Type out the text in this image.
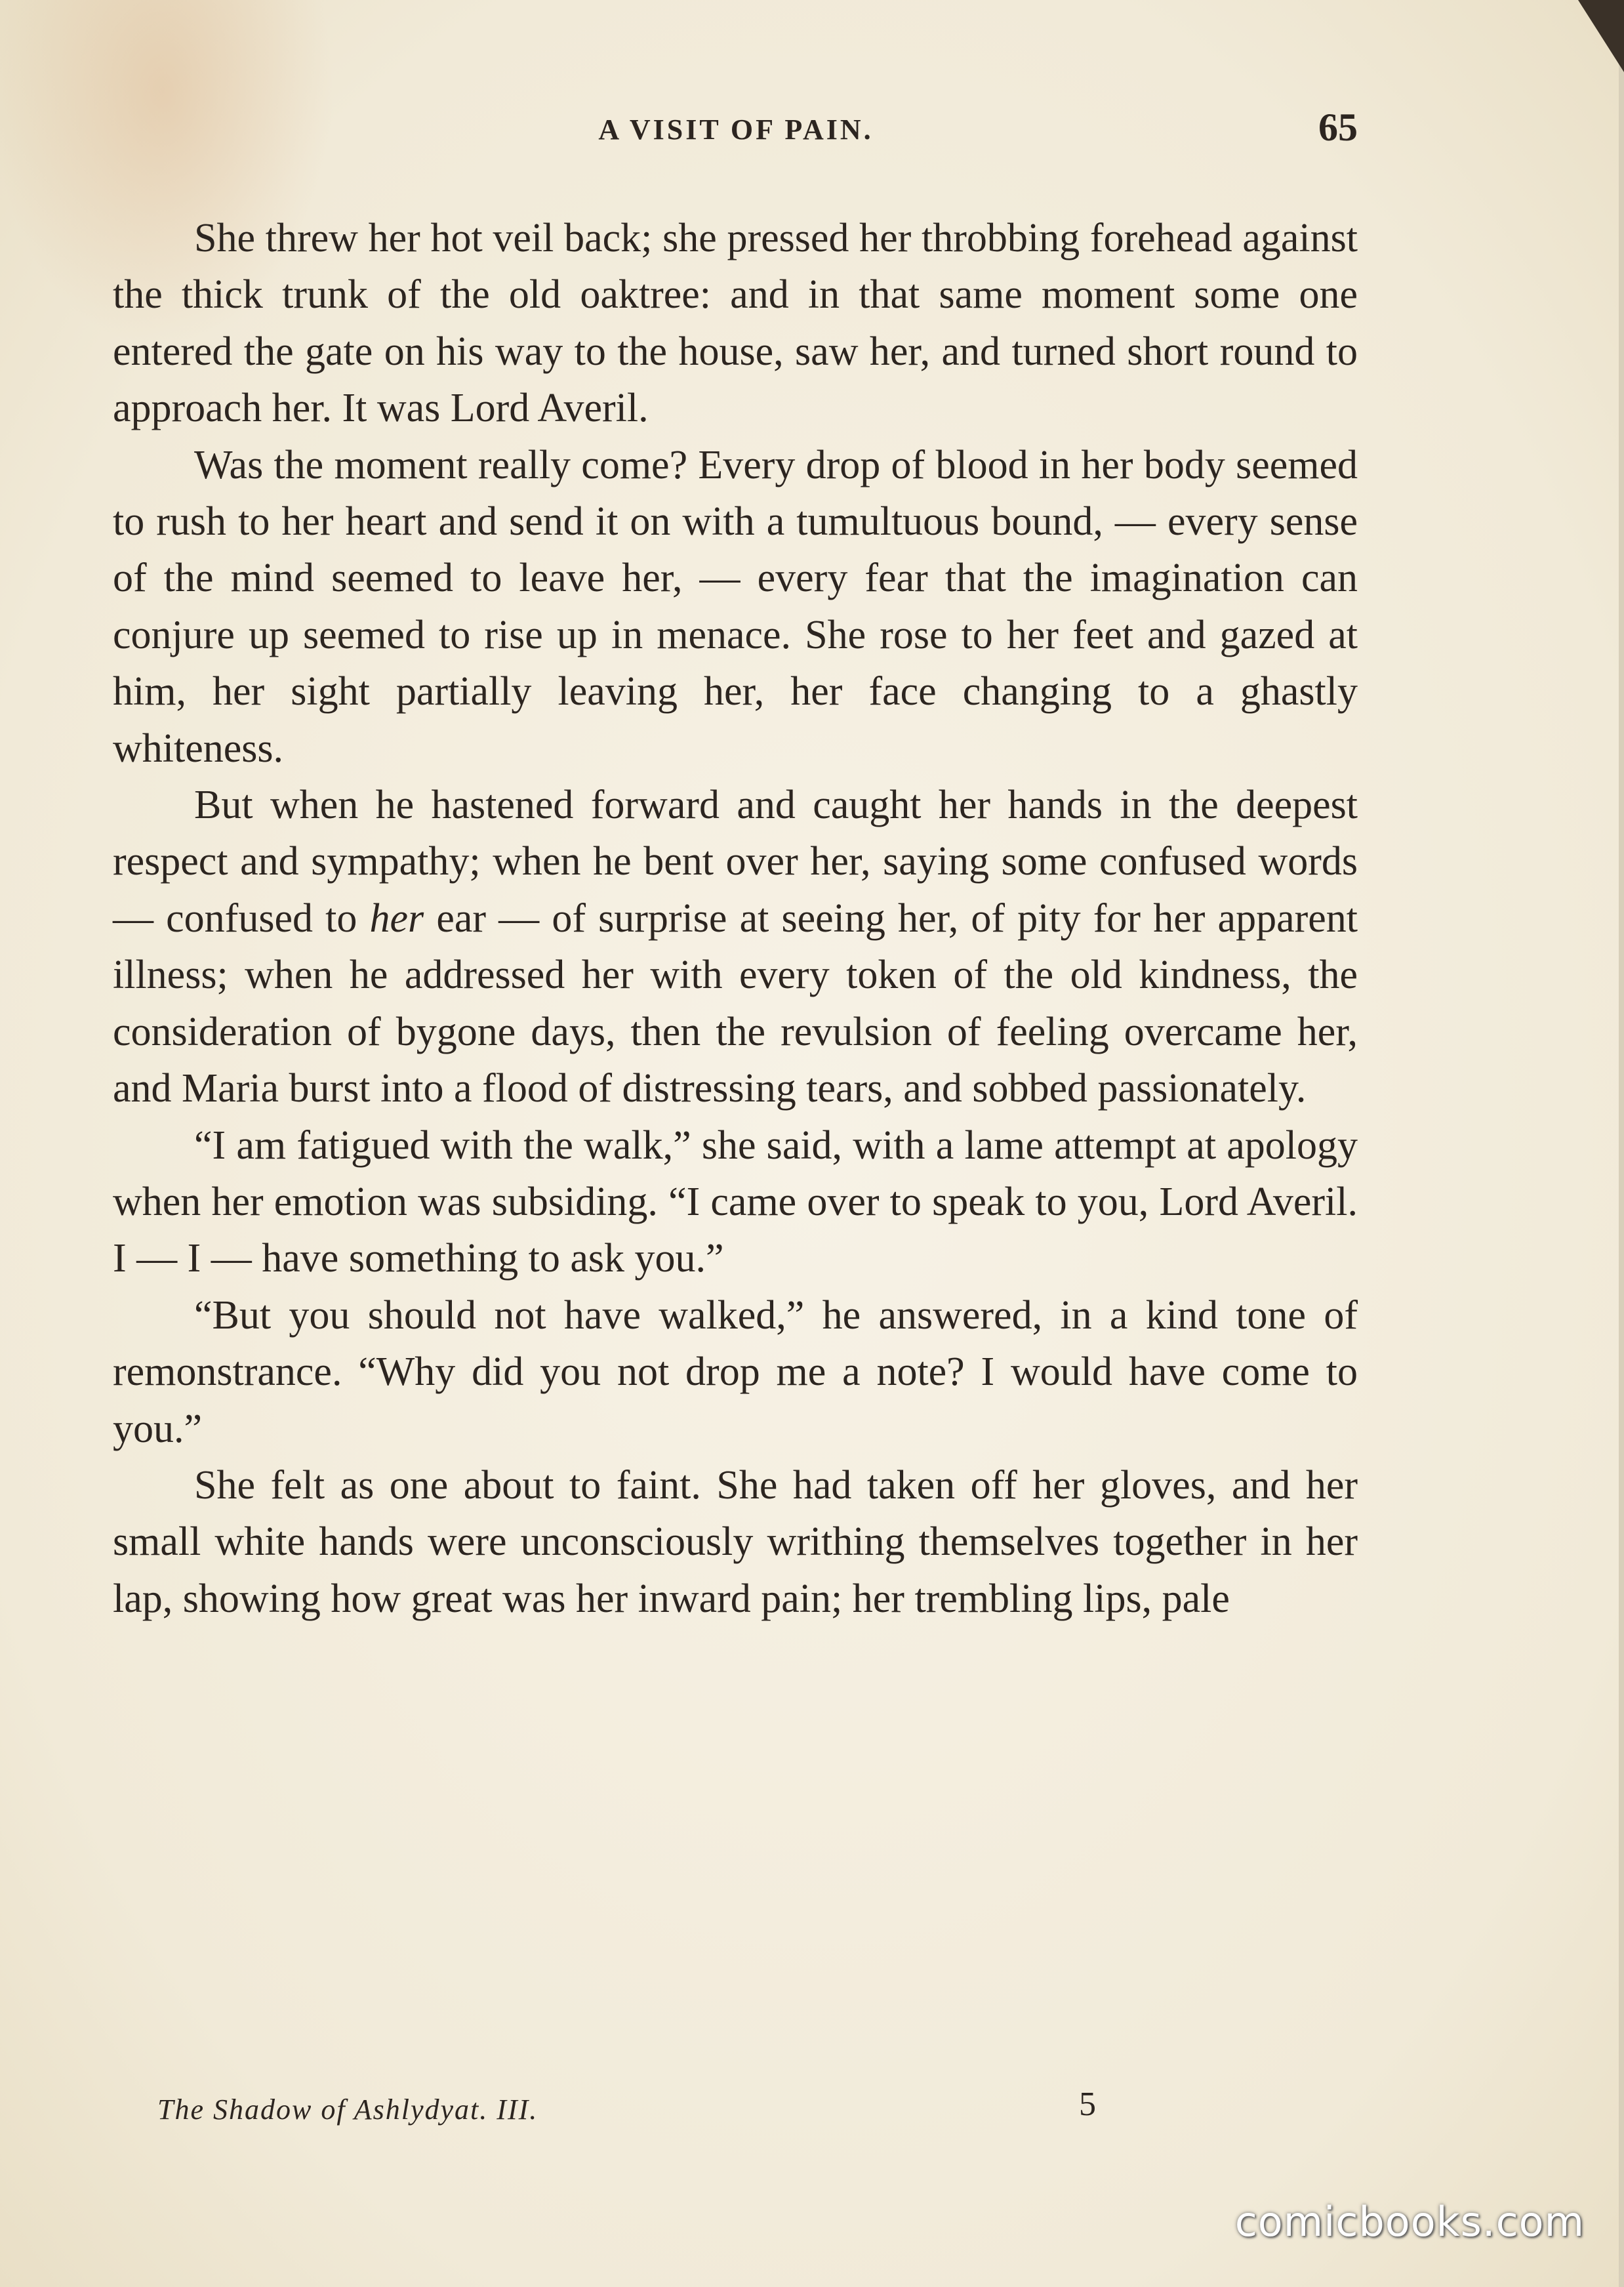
A VISIT OF PAIN.	65

She threw her hot veil back; she pressed her throbbing forehead against the thick trunk of the old oaktree: and in that same moment some one entered the gate on his way to the house, saw her, and turned short round to approach her. It was Lord Averil.

Was the moment really come? Every drop of blood in her body seemed to rush to her heart and send it on with a tumultuous bound, — every sense of the mind seemed to leave her, — every fear that the imagination can conjure up seemed to rise up in menace. She rose to her feet and gazed at him, her sight partially leaving her, her face changing to a ghastly whiteness.

But when he hastened forward and caught her hands in the deepest respect and sympathy; when he bent over her, saying some confused words — confused to her ear — of surprise at seeing her, of pity for her apparent illness; when he addressed her with every token of the old kindness, the consideration of bygone days, then the revulsion of feeling overcame her, and Maria burst into a flood of distressing tears, and sobbed passionately.

“I am fatigued with the walk,” she said, with a lame attempt at apology when her emotion was subsiding. “I came over to speak to you, Lord Averil. I — I — have something to ask you.”

“But you should not have walked,” he answered, in a kind tone of remonstrance. “Why did you not drop me a note? I would have come to you.”

She felt as one about to faint. She had taken off her gloves, and her small white hands were unconsciously writhing themselves together in her lap, showing how great was her inward pain; her trembling lips, pale

The Shadow of Ashlydyat. III.	5
comicbooks.com
